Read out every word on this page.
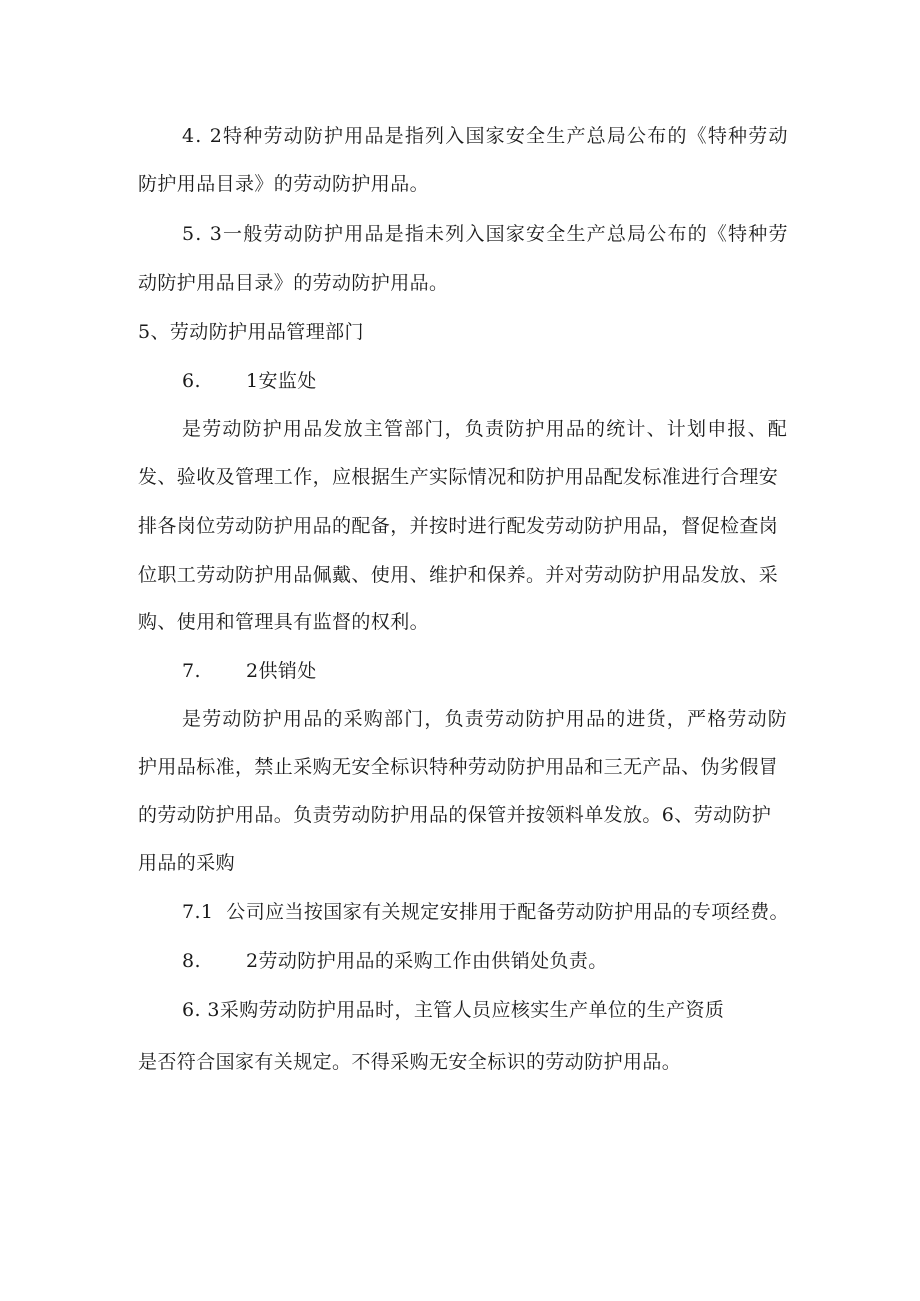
4. 2特种劳动防护用品是指列入国家安全生产总局公布的《特种劳动
防护用品目录》的劳动防护用品。
5. 3一般劳动防护用品是指未列入国家安全生产总局公布的《特种劳
动防护用品目录》的劳动防护用品。
5、劳动防护用品管理部门
6.       1安监处
是劳动防护用品发放主管部门，负责防护用品的统计、计划申报、配
发、验收及管理工作，应根据生产实际情况和防护用品配发标准进行合理安
排各岗位劳动防护用品的配备，并按时进行配发劳动防护用品，督促检查岗
位职工劳动防护用品佩戴、使用、维护和保养。并对劳动防护用品发放、采
购、使用和管理具有监督的权利。
7.       2供销处
是劳动防护用品的采购部门，负责劳动防护用品的进货，严格劳动防
护用品标准，禁止采购无安全标识特种劳动防护用品和三无产品、伪劣假冒
的劳动防护用品。负责劳动防护用品的保管并按领料单发放。6、劳动防护
用品的采购
7.1  公司应当按国家有关规定安排用于配备劳动防护用品的专项经费。
8.       2劳动防护用品的采购工作由供销处负责。
6. 3采购劳动防护用品时，主管人员应核实生产单位的生产资质
是否符合国家有关规定。不得采购无安全标识的劳动防护用品。
